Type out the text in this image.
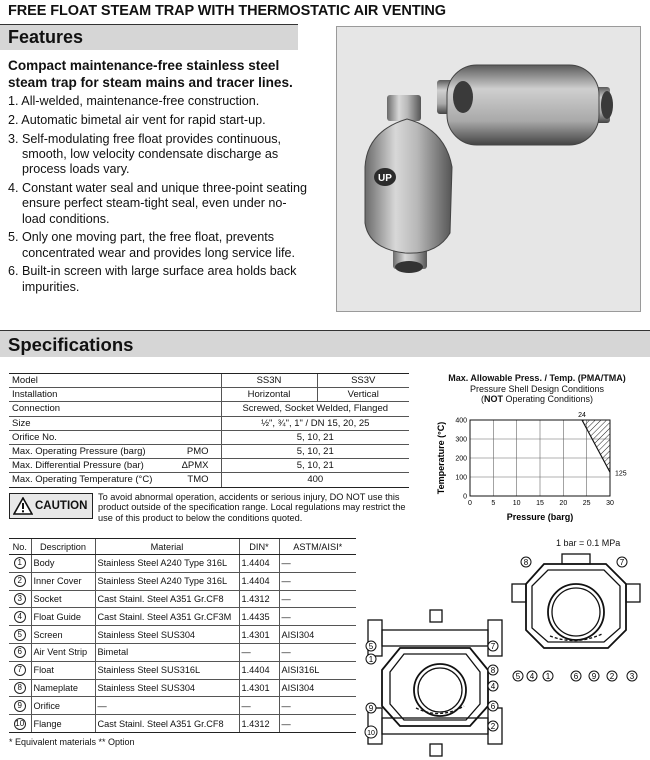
FREE FLOAT STEAM TRAP WITH THERMOSTATIC AIR VENTING
Features
Compact maintenance-free stainless steel steam trap for steam mains and tracer lines.
1. All-welded, maintenance-free construction.
2. Automatic bimetal air vent for rapid start-up.
3. Self-modulating free float provides continuous, smooth, low velocity condensate discharge as process loads vary.
4. Constant water seal and unique three-point seating ensure perfect steam-tight seal, even under no-load conditions.
5. Only one moving part, the free float, prevents concentrated wear and provides long service life.
6. Built-in screen with large surface area holds back impurities.
UP
Specifications
Model		SS3N	SS3V
Installation		Horizontal	Vertical
Connection		Screwed, Socket Welded, Flanged	
Size		½", ¾", 1" / DN 15, 20, 25	
Orifice No.		5, 10, 21	
Max. Operating Pressure (barg)	PMO	5, 10, 21	
Max. Differential Pressure (bar)	ΔPMX	5, 10, 21	
Max. Operating Temperature (°C)	TMO	400	
CAUTION
To avoid abnormal operation, accidents or serious injury, DO NOT use this product outside of the specification range. Local regulations may restrict the use of this product to below the conditions quoted.
Max. Allowable Press. / Temp. (PMA/TMA)
Pressure Shell Design Conditions
(NOT Operating Conditions)
0	5 10 15 20 25 30
0
100
200
300
400
24
125
Pressure (barg)
Temperature (°C)
No.	Description	Material	DIN*	ASTM/AISI*
1	Body	Stainless Steel A240 Type 316L	1.4404	—
2	Inner Cover	Stainless Steel A240 Type 316L	1.4404	—
3	Socket	Cast Stainl. Steel A351 Gr.CF8	1.4312	—
4	Float Guide	Cast Stainl. Steel A351 Gr.CF3M	1.4435	—
5	Screen	Stainless Steel SUS304	1.4301	AISI304
6	Air Vent Strip	Bimetal	—	—
7	Float	Stainless Steel SUS316L	1.4404	AISI316L
8	Nameplate	Stainless Steel SUS304	1.4301	AISI304
9	Orifice	—	—	—
10	Flange	Cast Stainl. Steel A351 Gr.CF8	1.4312	—
* Equivalent materials ** Option
1 bar = 0.1 MPa
5
1
7
8
4
6
2
9
10
8	7
5 4 1	6 9 2 3
